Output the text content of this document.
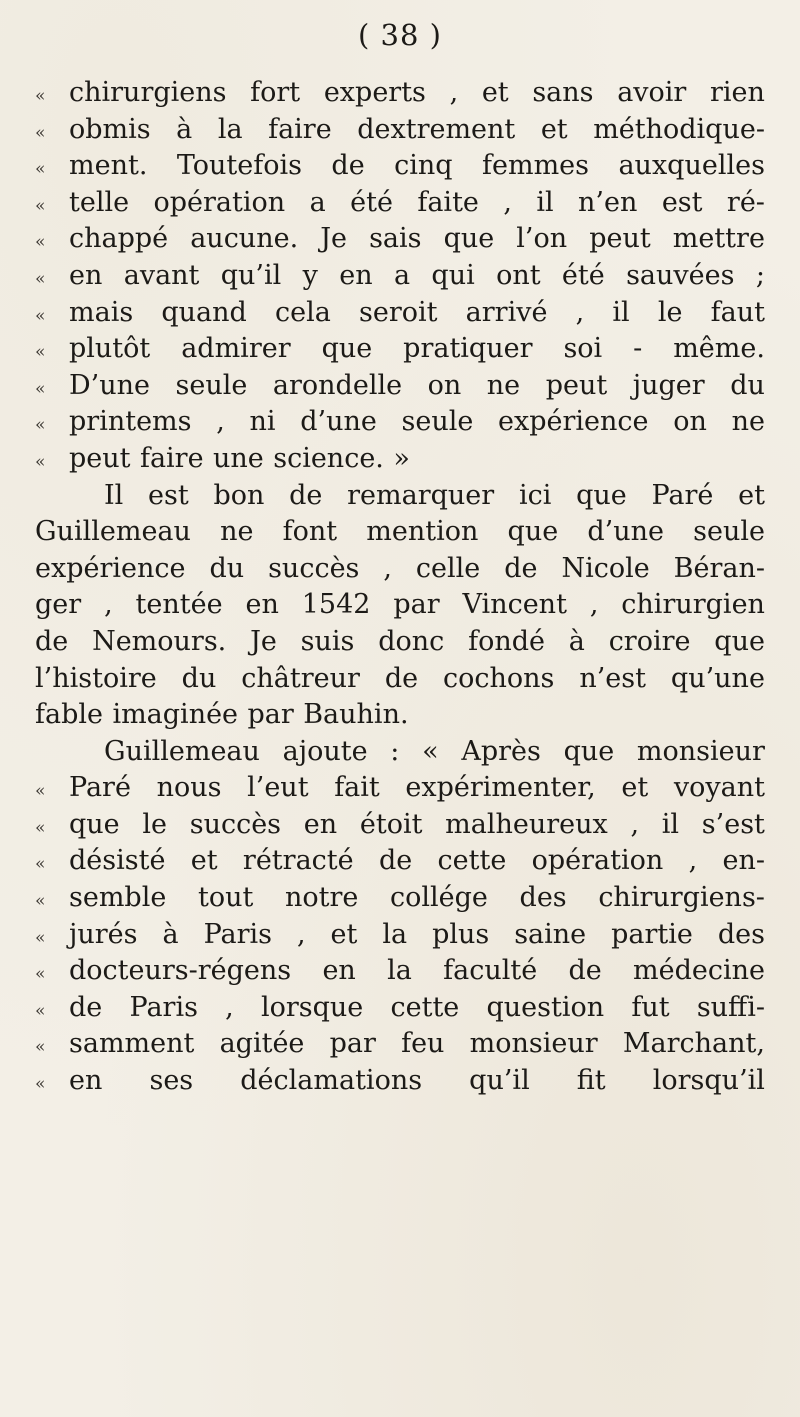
( 38 )
« chirurgiens fort experts , et sans avoir rien
« obmis à la faire dextrement et méthodique-
« ment. Toutefois de cinq femmes auxquelles
« telle opération a été faite , il n’en est ré-
« chappé aucune. Je sais que l’on peut mettre
« en avant qu’il y en a qui ont été sauvées ;
« mais quand cela seroit arrivé , il le faut
« plutôt admirer que pratiquer soi - même.
« D’une seule arondelle on ne peut juger du
« printems , ni d’une seule expérience on ne
« peut faire une science. »
Il est bon de remarquer ici que Paré et
Guillemeau ne font mention que d’une seule
expérience du succès , celle de Nicole Béran-
ger , tentée en 1542 par Vincent , chirurgien
de Nemours. Je suis donc fondé à croire que
l’histoire du châtreur de cochons n’est qu’une
fable imaginée par Bauhin.
Guillemeau ajoute : « Après que monsieur
« Paré nous l’eut fait expérimenter, et voyant
« que le succès en étoit malheureux , il s’est
« désisté et rétracté de cette opération , en-
« semble tout notre collége des chirurgiens-
« jurés à Paris , et la plus saine partie des
« docteurs-régens en la faculté de médecine
« de Paris , lorsque cette question fut suffi-
« samment agitée par feu monsieur Marchant,
« en ses déclamations qu’il fit lorsqu’il
